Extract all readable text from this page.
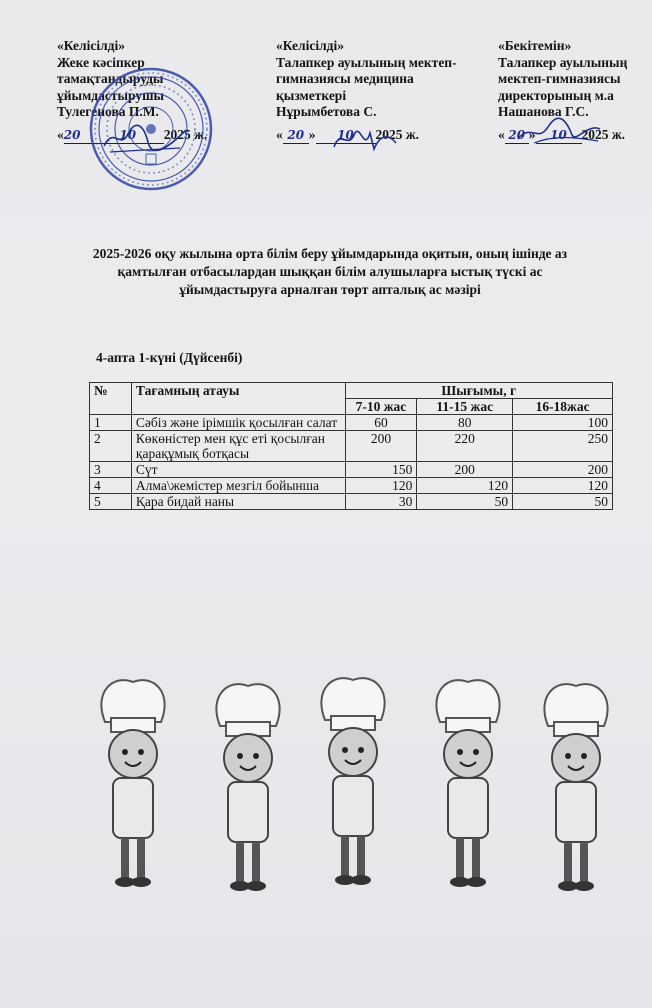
«Келісілді»
Жеке кәсіпкер
тамақтандыруды
ұйымдастырушы
Тулегенова П.М.
«20	10 2025 ж.
«Келісілді»
Талапкер ауылының мектеп-
гимназиясы медицина
қызметкері
Нұрымбетова С.
« 20 » 10 2025 ж.
«Бекітемін»
Талапкер ауылының
мектеп-гимназиясы
директорының м.а
Нашанова Г.С.
« 20 » 10 2025 ж.
2025-2026 оқу жылына орта білім беру ұйымдарында оқитын, оның ішінде аз
қамтылған отбасылардан шыққан білім алушыларға ыстық түскі ас
ұйымдастыруға арналған төрт апталық ас мәзірі
4-апта 1-күні (Дүйсенбі)
№	Тағамның атауы	Шығымы, г		
		7-10 жас	11-15 жас	16-18жас
1	Сәбіз және ірімшік қосылған салат	60	80	100
2	Көкөністер мен құс еті қосылған қарақұмық ботқасы	200	220	250
3	Сүт	150	200	200
4	Алма\жемістер мезгіл бойынша	120	120	120
5	Қара бидай наны	30	50	50
